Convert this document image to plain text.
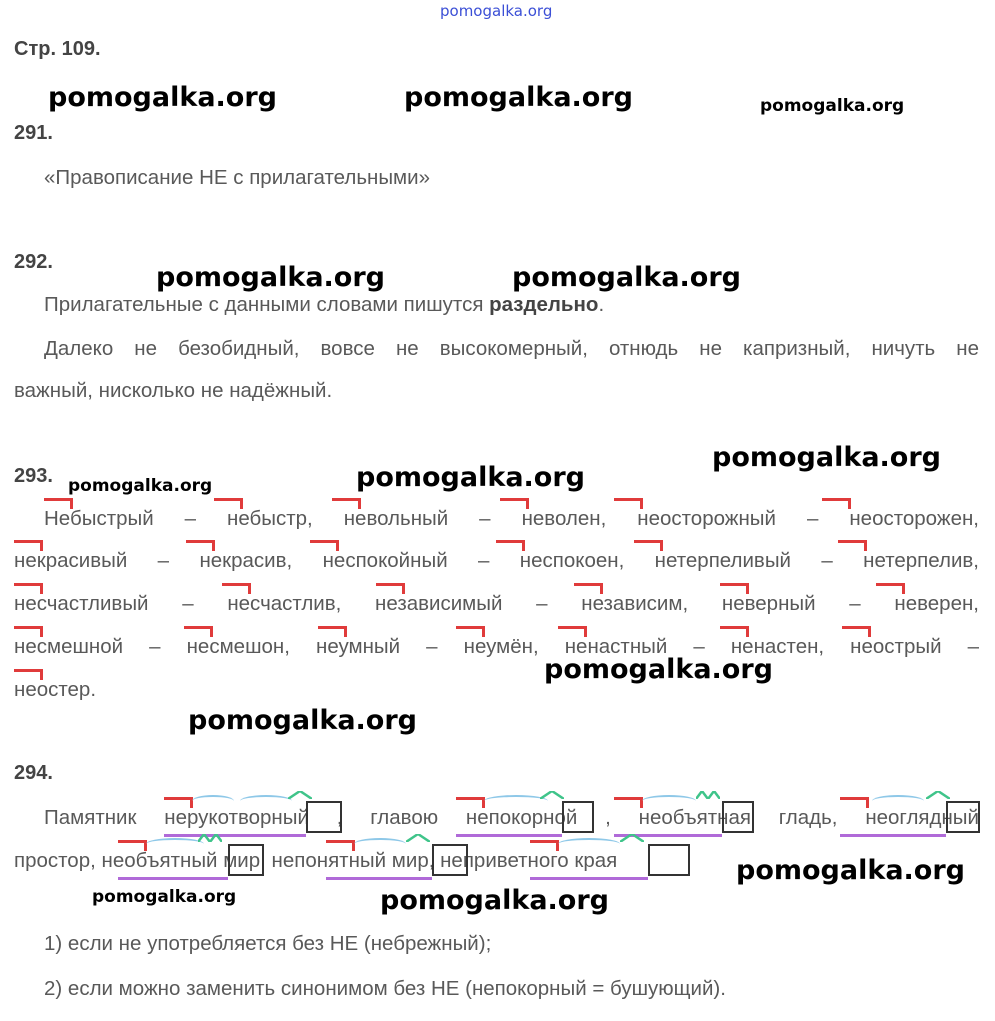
pomogalka.org
Стр. 109.
pomogalka.org	pomogalka.org	pomogalka.org
pomogalka.org	pomogalka.org
pomogalka.org
pomogalka.org
pomogalka.org
pomogalka.org
pomogalka.org
pomogalka.org
pomogalka.org	pomogalka.org
291.
«Правописание НЕ с прилагательными»
292.
Прилагательные с данными словами пишутся раздельно.
Далеко не безобидный, вовсе не высокомерный, отнюдь не капризный, ничуть не
важный, нисколько не надёжный.
293.
Небыстрый – небыстр, невольный – неволен, неосторожный – неосторожен,
некрасивый – некрасив, неспокойный – неспокоен, нетерпеливый – нетерпелив,
несчастливый – несчастлив, независимый – независим, неверный – неверен,
несмешной – несмешон, неумный – неумён, ненастный – ненастен, неострый –
неостер.
294.
Памятник нерукотворный , главою непокорной , необъятная гладь, неоглядный
простор, необъятный мир, непонятный мир, неприветного края
1) если не употребляется без НЕ (небрежный);
2) если можно заменить синонимом без НЕ (непокорный = бушующий).
